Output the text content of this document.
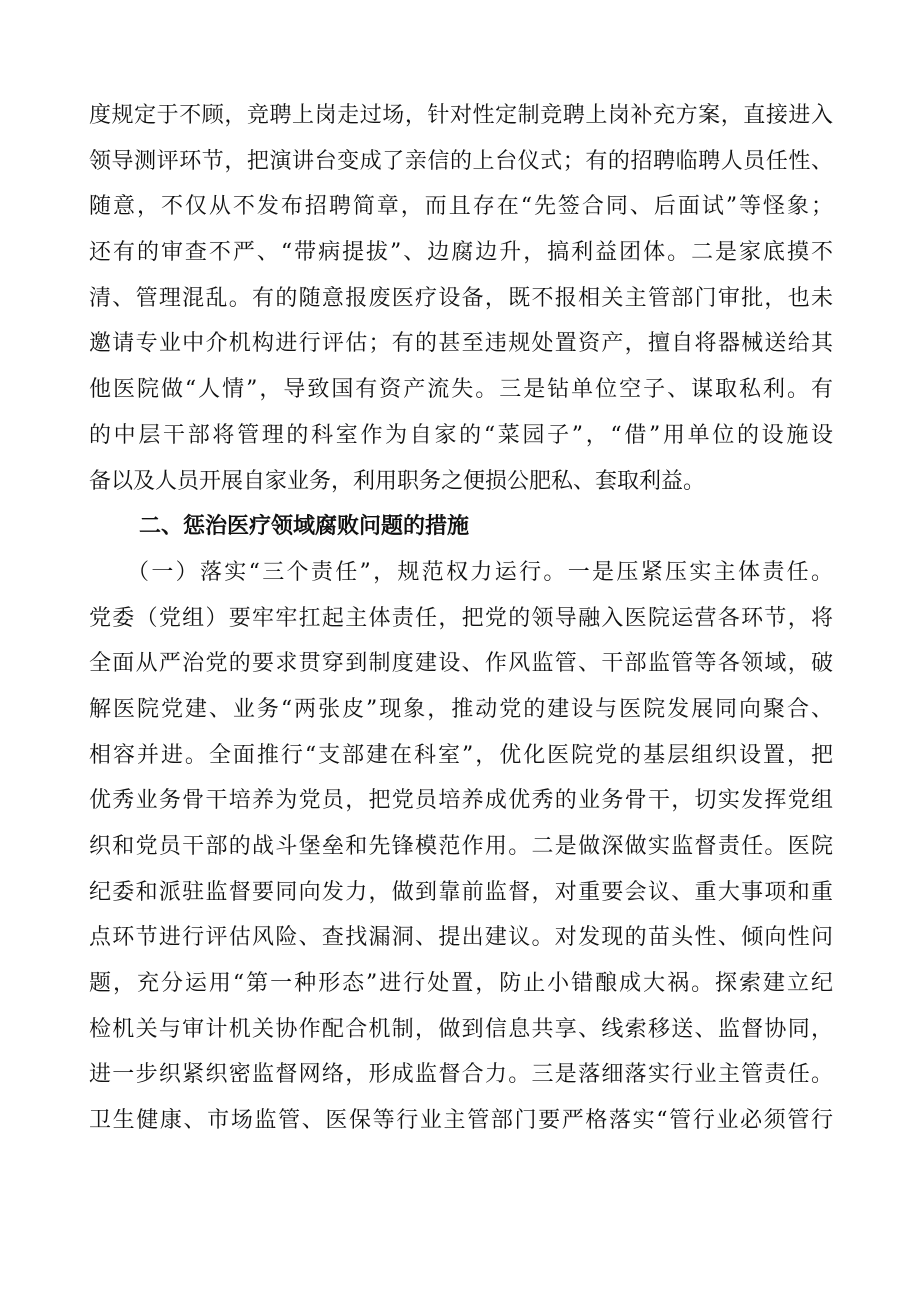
度规定于不顾，竞聘上岗走过场，针对性定制竞聘上岗补充方案，直接进入
领导测评环节，把演讲台变成了亲信的上台仪式；有的招聘临聘人员任性、
随意，不仅从不发布招聘简章，而且存在“先签合同、后面试”等怪象；
还有的审查不严、“带病提拔”、边腐边升，搞利益团体。二是家底摸不
清、管理混乱。有的随意报废医疗设备，既不报相关主管部门审批，也未
邀请专业中介机构进行评估；有的甚至违规处置资产，擅自将器械送给其
他医院做“人情”，导致国有资产流失。三是钻单位空子、谋取私利。有
的中层干部将管理的科室作为自家的“菜园子”，“借”用单位的设施设
备以及人员开展自家业务，利用职务之便损公肥私、套取利益。
二、惩治医疗领域腐败问题的措施
（一）落实“三个责任”，规范权力运行。一是压紧压实主体责任。
党委（党组）要牢牢扛起主体责任，把党的领导融入医院运营各环节，将
全面从严治党的要求贯穿到制度建设、作风监管、干部监管等各领域，破
解医院党建、业务“两张皮”现象，推动党的建设与医院发展同向聚合、
相容并进。全面推行“支部建在科室”，优化医院党的基层组织设置，把
优秀业务骨干培养为党员，把党员培养成优秀的业务骨干，切实发挥党组
织和党员干部的战斗堡垒和先锋模范作用。二是做深做实监督责任。医院
纪委和派驻监督要同向发力，做到靠前监督，对重要会议、重大事项和重
点环节进行评估风险、查找漏洞、提出建议。对发现的苗头性、倾向性问
题，充分运用“第一种形态”进行处置，防止小错酿成大祸。探索建立纪
检机关与审计机关协作配合机制，做到信息共享、线索移送、监督协同，
进一步织紧织密监督网络，形成监督合力。三是落细落实行业主管责任。
卫生健康、市场监管、医保等行业主管部门要严格落实“管行业必须管行
